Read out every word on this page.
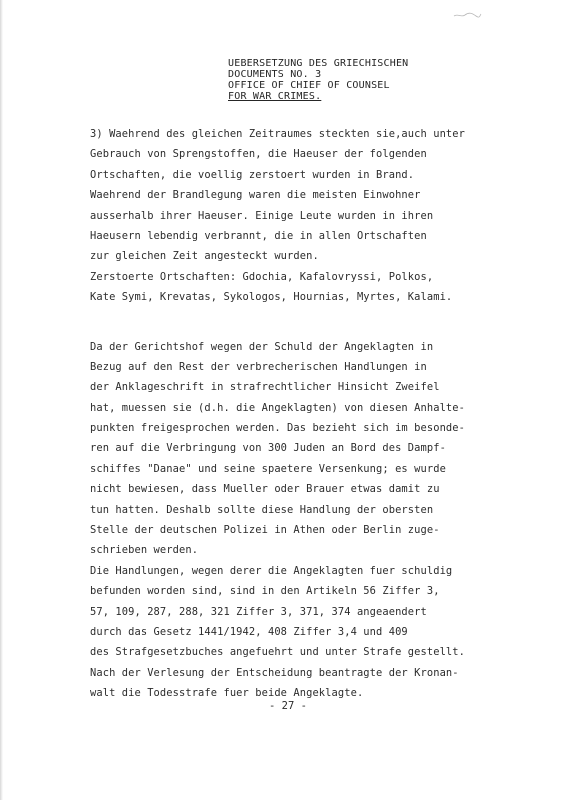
UEBERSETZUNG DES GRIECHISCHEN
DOCUMENTS NO. 3
OFFICE OF CHIEF OF COUNSEL
FOR WAR CRIMES.
3) Waehrend des gleichen Zeitraumes steckten sie,auch unter
Gebrauch von Sprengstoffen, die Haeuser der folgenden
Ortschaften, die voellig zerstoert wurden in Brand.
Waehrend der Brandlegung waren die meisten Einwohner
ausserhalb ihrer Haeuser. Einige Leute wurden in ihren
Haeusern lebendig verbrannt, die in allen Ortschaften
zur gleichen Zeit angesteckt wurden.
Zerstoerte Ortschaften: Gdochia, Kafalovryssi, Polkos,
Kate Symi, Krevatas, Sykologos, Hournias, Myrtes, Kalami.
Da der Gerichtshof wegen der Schuld der Angeklagten in
Bezug auf den Rest der verbrecherischen Handlungen in
der Anklageschrift in strafrechtlicher Hinsicht Zweifel
hat, muessen sie (d.h. die Angeklagten) von diesen Anhalte-
punkten freigesprochen werden. Das bezieht sich im besonde-
ren auf die Verbringung von 300 Juden an Bord des Dampf-
schiffes "Danae" und seine spaetere Versenkung; es wurde
nicht bewiesen, dass Mueller oder Brauer etwas damit zu
tun hatten. Deshalb sollte diese Handlung der obersten
Stelle der deutschen Polizei in Athen oder Berlin zuge-
schrieben werden.
Die Handlungen, wegen derer die Angeklagten fuer schuldig
befunden worden sind, sind in den Artikeln 56 Ziffer 3,
57, 109, 287, 288, 321 Ziffer 3, 371, 374 angeaendert
durch das Gesetz 1441/1942, 408 Ziffer 3,4 und 409
des Strafgesetzbuches angefuehrt und unter Strafe gestellt.
Nach der Verlesung der Entscheidung beantragte der Kronan-
walt die Todesstrafe fuer beide Angeklagte.
- 27 -
